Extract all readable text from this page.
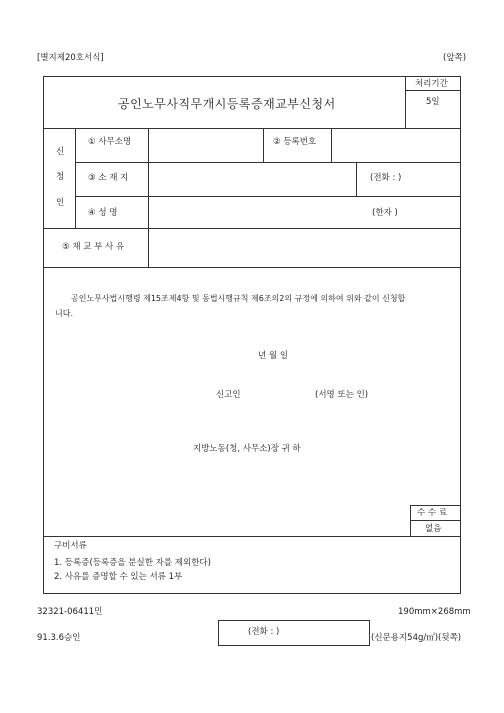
[별지제20호서식]	(앞쪽)
공인노무사직무개시등록증재교부신청서
처리기간
5일
신
청
인
① 사무소명	② 등록번호
③ 소 재 지	(전화 : )
④ 성 명	(한자 )
⑤ 재 교 부 사 유
공인노무사법시행령 제15조제4항 및 동법시행규칙 제6조의2의 규정에 의하여 위와 같이 신청합
니다.
년 월 일
신고인	(서명 또는 인)
지방노동(청, 사무소)장 귀 하
수 수 료
없음
구비서류
1. 등록증(등록증을 분실한 자를 제외한다)
2. 사유를 증명할 수 있는 서류 1부
32321-06411민	190mm×268mm
(전화 : )
91.3.6승인	(신문용지54g/㎡)(뒷쪽)
